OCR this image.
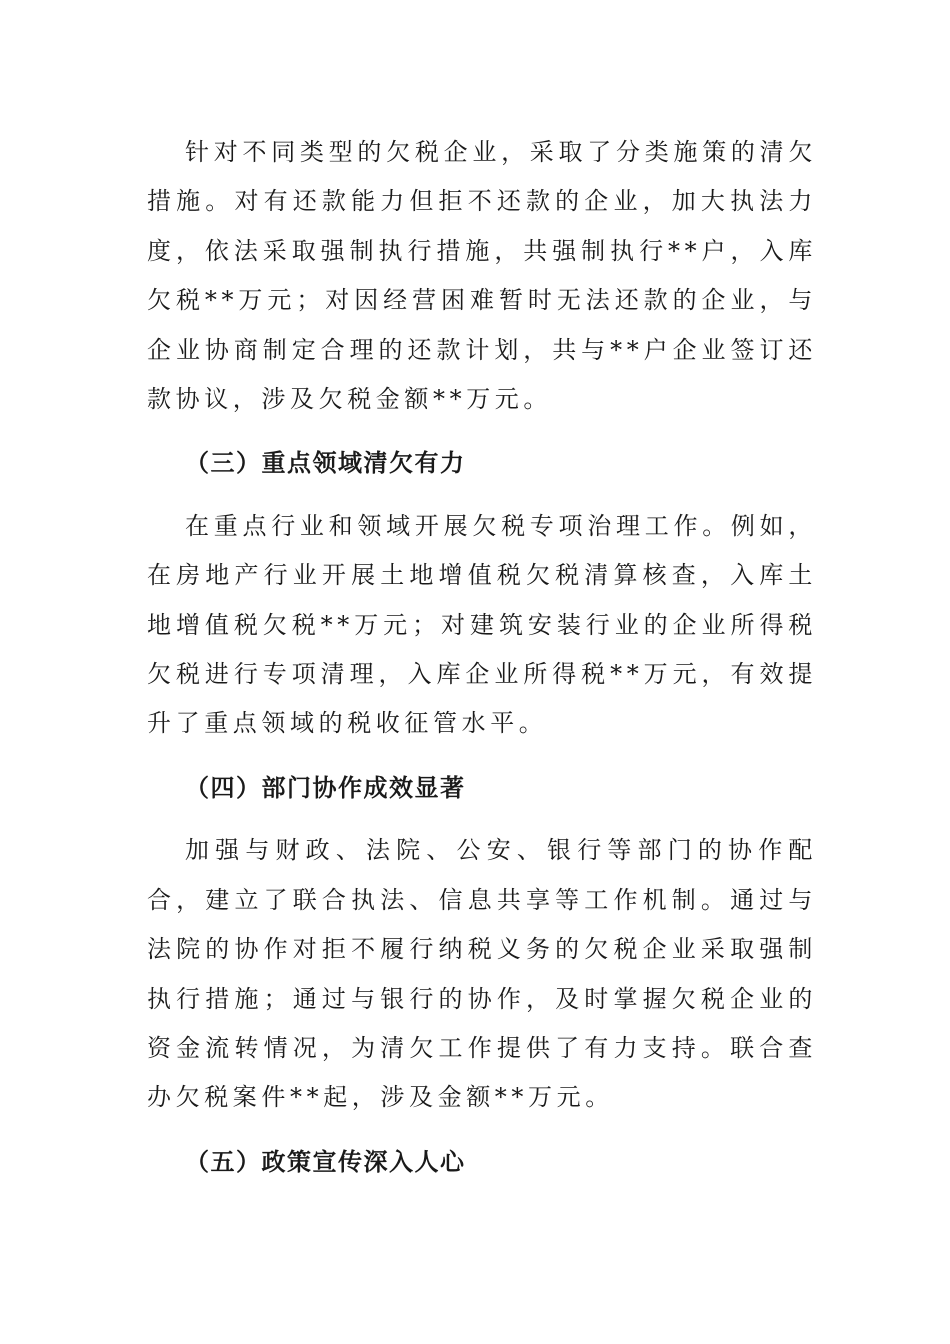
针对不同类型的欠税企业，采取了分类施策的清欠措施。对有还款能力但拒不还款的企业，加大执法力度，依法采取强制执行措施，共强制执行**户，入库欠税**万元；对因经营困难暂时无法还款的企业，与企业协商制定合理的还款计划，共与**户企业签订还款协议，涉及欠税金额**万元。

（三）重点领域清欠有力

在重点行业和领域开展欠税专项治理工作。例如，在房地产行业开展土地增值税欠税清算核查，入库土地增值税欠税**万元；对建筑安装行业的企业所得税欠税进行专项清理，入库企业所得税**万元，有效提升了重点领域的税收征管水平。

（四）部门协作成效显著

加强与财政、法院、公安、银行等部门的协作配合，建立了联合执法、信息共享等工作机制。通过与法院的协作对拒不履行纳税义务的欠税企业采取强制执行措施；通过与银行的协作，及时掌握欠税企业的资金流转情况，为清欠工作提供了有力支持。联合查办欠税案件**起，涉及金额**万元。

（五）政策宣传深入人心
